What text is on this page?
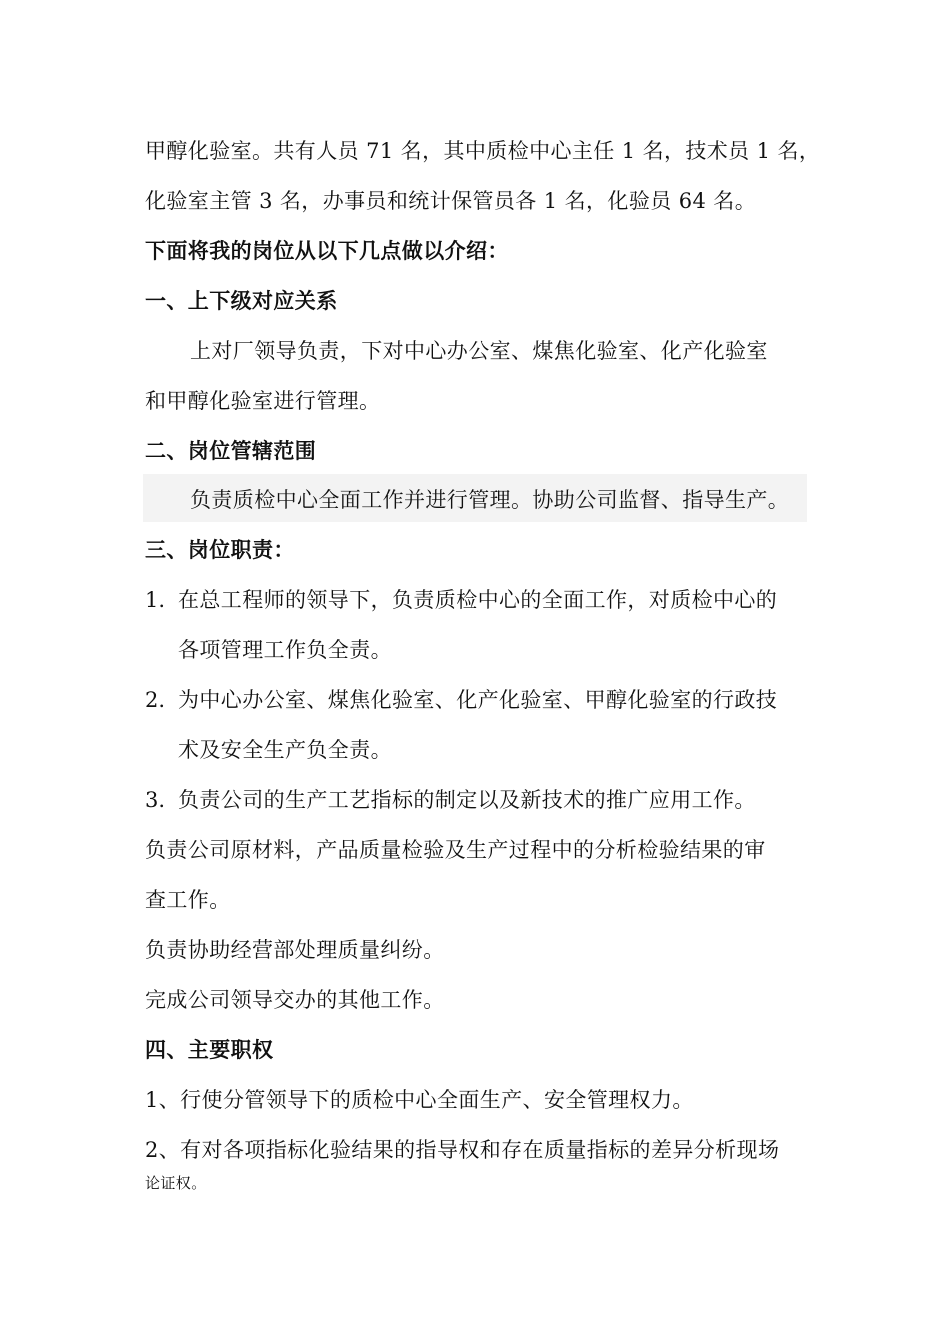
甲醇化验室。共有人员 71 名，其中质检中心主任 1 名，技术员 1 名，

化验室主管 3 名，办事员和统计保管员各 1 名，化验员 64 名。

下面将我的岗位从以下几点做以介绍：

一、上下级对应关系

上对厂领导负责，下对中心办公室、煤焦化验室、化产化验室

和甲醇化验室进行管理。

二、岗位管辖范围

负责质检中心全面工作并进行管理。协助公司监督、指导生产。

三、岗位职责：

1. 在总工程师的领导下，负责质检中心的全面工作，对质检中心的

各项管理工作负全责。

2. 为中心办公室、煤焦化验室、化产化验室、甲醇化验室的行政技

术及安全生产负全责。

3. 负责公司的生产工艺指标的制定以及新技术的推广应用工作。

负责公司原材料，产品质量检验及生产过程中的分析检验结果的审

查工作。

负责协助经营部处理质量纠纷。

完成公司领导交办的其他工作。

四、主要职权

1、行使分管领导下的质检中心全面生产、安全管理权力。

2、有对各项指标化验结果的指导权和存在质量指标的差异分析现场

论证权。
